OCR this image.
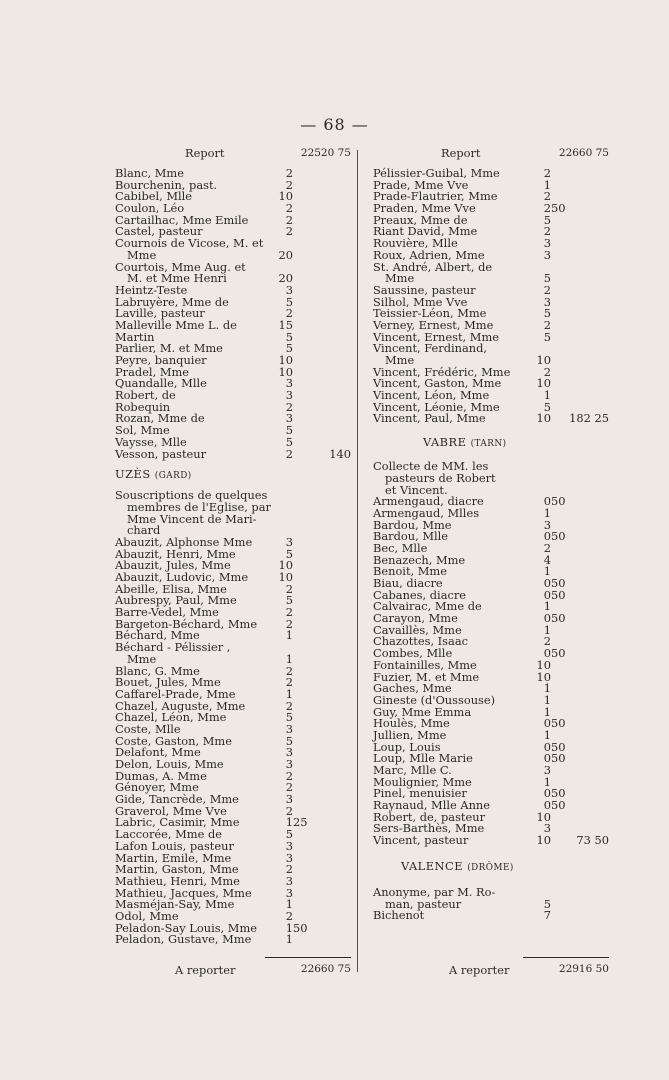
— 68 —
Report	22520 75
Blanc, Mme	2
Bourchenin, past.	2
Cabibel, Mlle	10
Coulon, Léo	2
Cartailhac, Mme Emile	2
Castel, pasteur	2
Cournois de Vicose, M. et
Mme	20
Courtois, Mme Aug. et
M. et Mme Henri	20
Heintz-Teste	3
Labruyère, Mme de	5
Laville, pasteur	2
Malleville Mme L. de	15
Martin	5
Parlier, M. et Mme	5
Peyre, banquier	10
Pradel, Mme	10
Quandalle, Mlle	3
Robert, de	3
Robequin	2
Rozan, Mme de	3
Sol, Mme	5
Vaysse, Mlle	5
Vesson, pasteur	2	140
UZÈS (GARD)
Souscriptions de quelques
membres de l'Eglise, par
Mme Vincent de Mari-
chard
Abauzit, Alphonse Mme	3
Abauzit, Henri, Mme	5
Abauzit, Jules, Mme	10
Abauzit, Ludovic, Mme	10
Abeille, Elisa, Mme	2
Aubrespy, Paul, Mme	5
Barre-Vedel, Mme	2
Bargeton-Béchard, Mme	2
Béchard, Mme	1
Béchard - Pélissier ,
Mme	1
Blanc, G. Mme	2
Bouet, Jules, Mme	2
Caffarel-Prade, Mme	1
Chazel, Auguste, Mme	2
Chazel, Léon, Mme	5
Coste, Mlle	3
Coste, Gaston, Mme	5
Delafont, Mme	3
Delon, Louis, Mme	3
Dumas, A. Mme	2
Génoyer, Mme	2
Gide, Tancrède, Mme	3
Graverol, Mme Vve	2
Labric, Casimir, Mme	1 25
Laccorée, Mme de	5
Lafon Louis, pasteur	3
Martin, Emile, Mme	3
Martin, Gaston, Mme	2
Mathieu, Henri, Mme	3
Mathieu, Jacques, Mme	3
Masméjan-Say, Mme	1
Odol, Mme	2
Peladon-Say Louis, Mme	1 50
Peladon, Gustave, Mme	1
Report	22660 75
Pélissier-Guibal, Mme	2
Prade, Mme Vve	1
Prade-Flautrier, Mme	2
Praden, Mme Vve	2 50
Preaux, Mme de	5
Riant David, Mme	2
Rouvière, Mlle	3
Roux, Adrien, Mme	3
St. André, Albert, de
Mme	5
Saussine, pasteur	2
Silhol, Mme Vve	3
Teissier-Léon, Mme	5
Verney, Ernest, Mme	2
Vincent, Ernest, Mme	5
Vincent, Ferdinand,
Mme	10
Vincent, Frédéric, Mme	2
Vincent, Gaston, Mme	10
Vincent, Léon, Mme	1
Vincent, Léonie, Mme	5
Vincent, Paul, Mme	10	182 25
VABRE (TARN)
Collecte de MM. les
pasteurs de Robert
et Vincent.
Armengaud, diacre	0 50
Armengaud, Mlles	1
Bardou, Mme	3
Bardou, Mlle	0 50
Bec, Mlle	2
Benazech, Mme	4
Benoit, Mme	1
Biau, diacre	0 50
Cabanes, diacre	0 50
Calvairac, Mme de	1
Carayon, Mme	0 50
Cavaillès, Mme	1
Chazottes, Isaac	2
Combes, Mlle	0 50
Fontainilles, Mme	10
Fuzier, M. et Mme	10
Gaches, Mme	1
Gineste (d'Oussouse)	1
Guy, Mme Emma	1
Houlès, Mme	0 50
Jullien, Mme	1
Loup, Louis	0 50
Loup, Mlle Marie	0 50
Marc, Mlle C.	3
Moulignier, Mme	1
Pinel, menuisier	0 50
Raynaud, Mlle Anne	0 50
Robert, de, pasteur	10
Sers-Barthès, Mme	3
Vincent, pasteur	10	73 50
VALENCE (DRÔME)
Anonyme, par M. Ro-
man, pasteur	5
Bichenot	7
A reporter	22660 75	A reporter	22916 50
